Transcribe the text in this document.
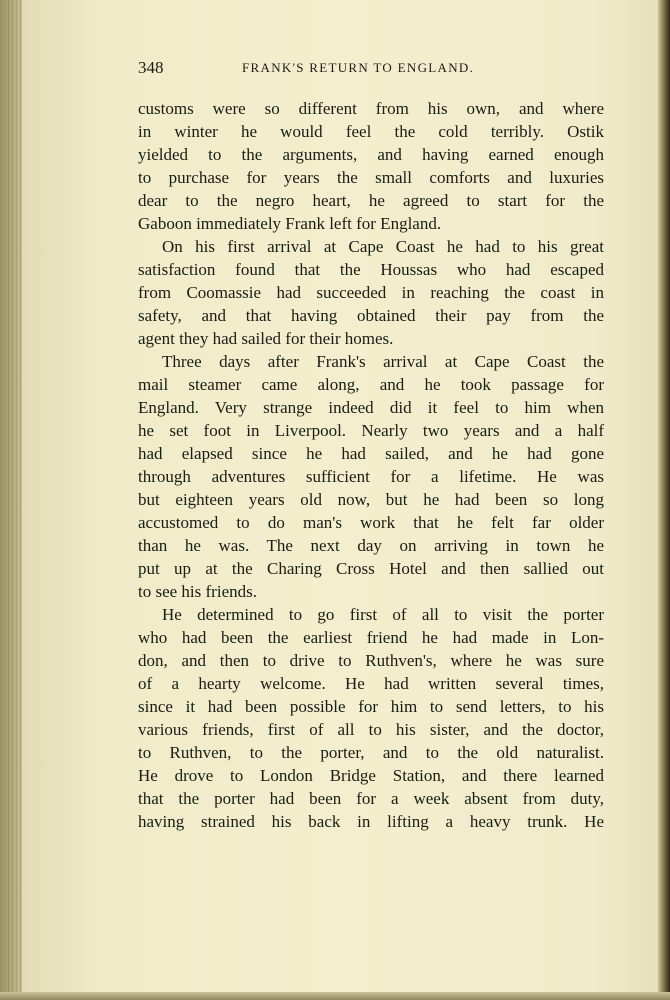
348	FRANK'S RETURN TO ENGLAND.
customs were so different from his own, and where
in winter he would feel the cold terribly. Ostik
yielded to the arguments, and having earned enough
to purchase for years the small comforts and luxuries
dear to the negro heart, he agreed to start for the
Gaboon immediately Frank left for England.
On his first arrival at Cape Coast he had to his great
satisfaction found that the Houssas who had escaped
from Coomassie had succeeded in reaching the coast in
safety, and that having obtained their pay from the
agent they had sailed for their homes.
Three days after Frank's arrival at Cape Coast the
mail steamer came along, and he took passage for
England. Very strange indeed did it feel to him when
he set foot in Liverpool. Nearly two years and a half
had elapsed since he had sailed, and he had gone
through adventures sufficient for a lifetime. He was
but eighteen years old now, but he had been so long
accustomed to do man's work that he felt far older
than he was. The next day on arriving in town he
put up at the Charing Cross Hotel and then sallied out
to see his friends.
He determined to go first of all to visit the porter
who had been the earliest friend he had made in Lon-
don, and then to drive to Ruthven's, where he was sure
of a hearty welcome. He had written several times,
since it had been possible for him to send letters, to his
various friends, first of all to his sister, and the doctor,
to Ruthven, to the porter, and to the old naturalist.
He drove to London Bridge Station, and there learned
that the porter had been for a week absent from duty,
having strained his back in lifting a heavy trunk. He
